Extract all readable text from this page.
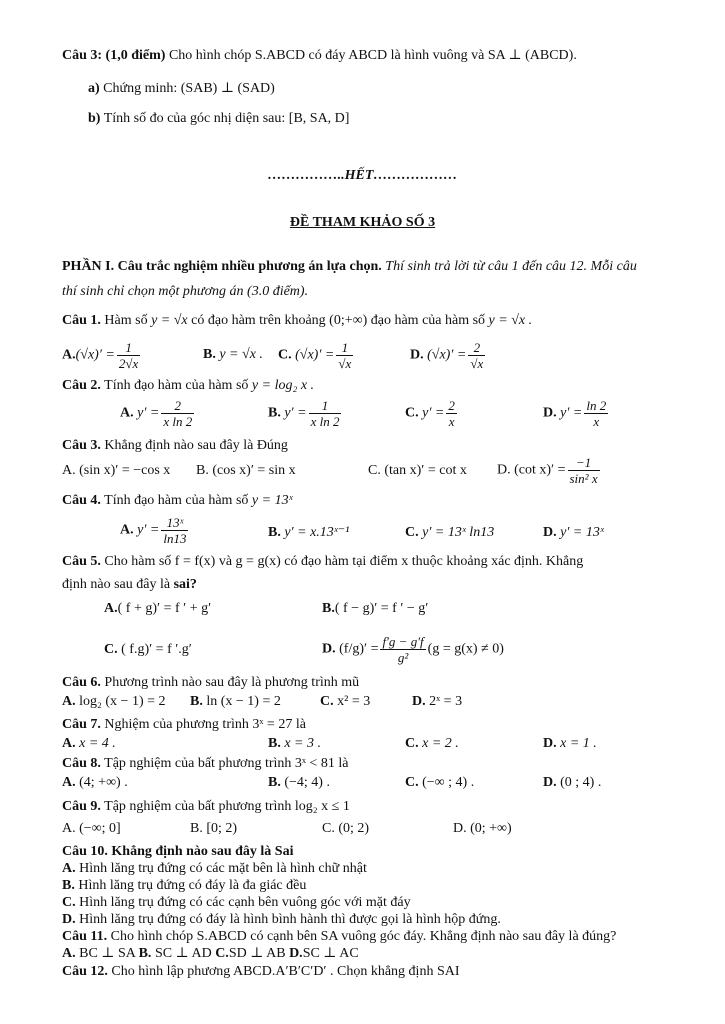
Câu 3: (1,0 điểm) Cho hình chóp S.ABCD có đáy ABCD là hình vuông và SA ⊥ (ABCD).
a) Chứng minh: (SAB) ⊥ (SAD)
b) Tính số đo của góc nhị diện sau: [B, SA, D]
……………..HẾT………………
ĐỀ THAM KHẢO SỐ 3
PHẦN I. Câu trắc nghiệm nhiều phương án lựa chọn. Thí sinh trả lời từ câu 1 đến câu 12. Mỗi câu
thí sinh chỉ chọn một phương án (3.0 điểm).
Câu 1. Hàm số y = √x có đạo hàm trên khoảng (0;+∞) đạo hàm của hàm số y = √x .
$A.(√x)' = \frac{1}{2√x}$	B. y = √x . C. $(√x)' = \frac{1}{√x}$	D. $(√x)' = \frac{2}{√x}$
Câu 2. Tính đạo hàm của hàm số y = log₂ x .
A. $y' = \frac{2}{\text{x ln 2}}$	B. $y' = \frac{1}{\text{x ln 2}}$	C. $y' = \frac{2}{x}$	D. $y' = \frac{\ln 2}{x}$
Câu 3. Khẳng định nào sau đây là Đúng
A. (sin x)′ = −cos x B. (cos x)′ = sin x	C. (tan x)′ = cot x D. (cot $x)' = \frac{-1}{\text{sin² x}}$
Câu 4. Tính đạo hàm của hàm số y = 13ˣ
A. $y' = \frac{\text{13ˣ}}{\ln 13}$	B. y′ = x.13ˣ⁻¹	C. y′ = 13ˣ ln13	D. y′ = 13ˣ
Câu 5. Cho hàm số f = f(x) và g = g(x) có đạo hàm tại điểm x thuộc khoảng xác định. Khẳng
định nào sau đây là sai?
A.( f + g)′ = f ′ + g′	B.( f − g)′ = f ′ − g′
C. ( f.g)′ = f ′.g′	D. $(f/g)' = \frac{f'g - g'f}{\text{g²}} (g = g(x) \ne 0)$
Câu 6. Phương trình nào sau đây là phương trình mũ
A. log₂ (x − 1) = 2 B. ln (x − 1) = 2	C. x² = 3	D. 2ˣ = 3
Câu 7. Nghiệm của phương trình 3ˣ = 27 là
A. x = 4 .	B. x = 3 .	C. x = 2 .	D. x = 1 .
Câu 8. Tập nghiệm của bất phương trình 3ˣ < 81 là
A. (4; +∞) .	B. (−4; 4) .	C. (−∞ ; 4) .	D. (0 ; 4) .
Câu 9. Tập nghiệm của bất phương trình log₂ x ≤ 1
A. (−∞; 0]	B. [0; 2)	C. (0; 2)	D. (0; +∞)
Câu 10. Khẳng định nào sau đây là Sai
A. Hình lăng trụ đứng có các mặt bên là hình chữ nhật
B. Hình lăng trụ đứng có đáy là đa giác đều
C. Hình lăng trụ đứng có các cạnh bên vuông góc với mặt đáy
D. Hình lăng trụ đứng có đáy là hình bình hành thì được gọi là hình hộp đứng.
Câu 11. Cho hình chóp S.ABCD có cạnh bên SA vuông góc đáy. Khẳng định nào sau đây là đúng?
A. BC ⊥ SA B. SC ⊥ AD C.SD ⊥ AB D.SC ⊥ AC
Câu 12. Cho hình lập phương ABCD.A′B′C′D′ . Chọn khẳng định SAI
